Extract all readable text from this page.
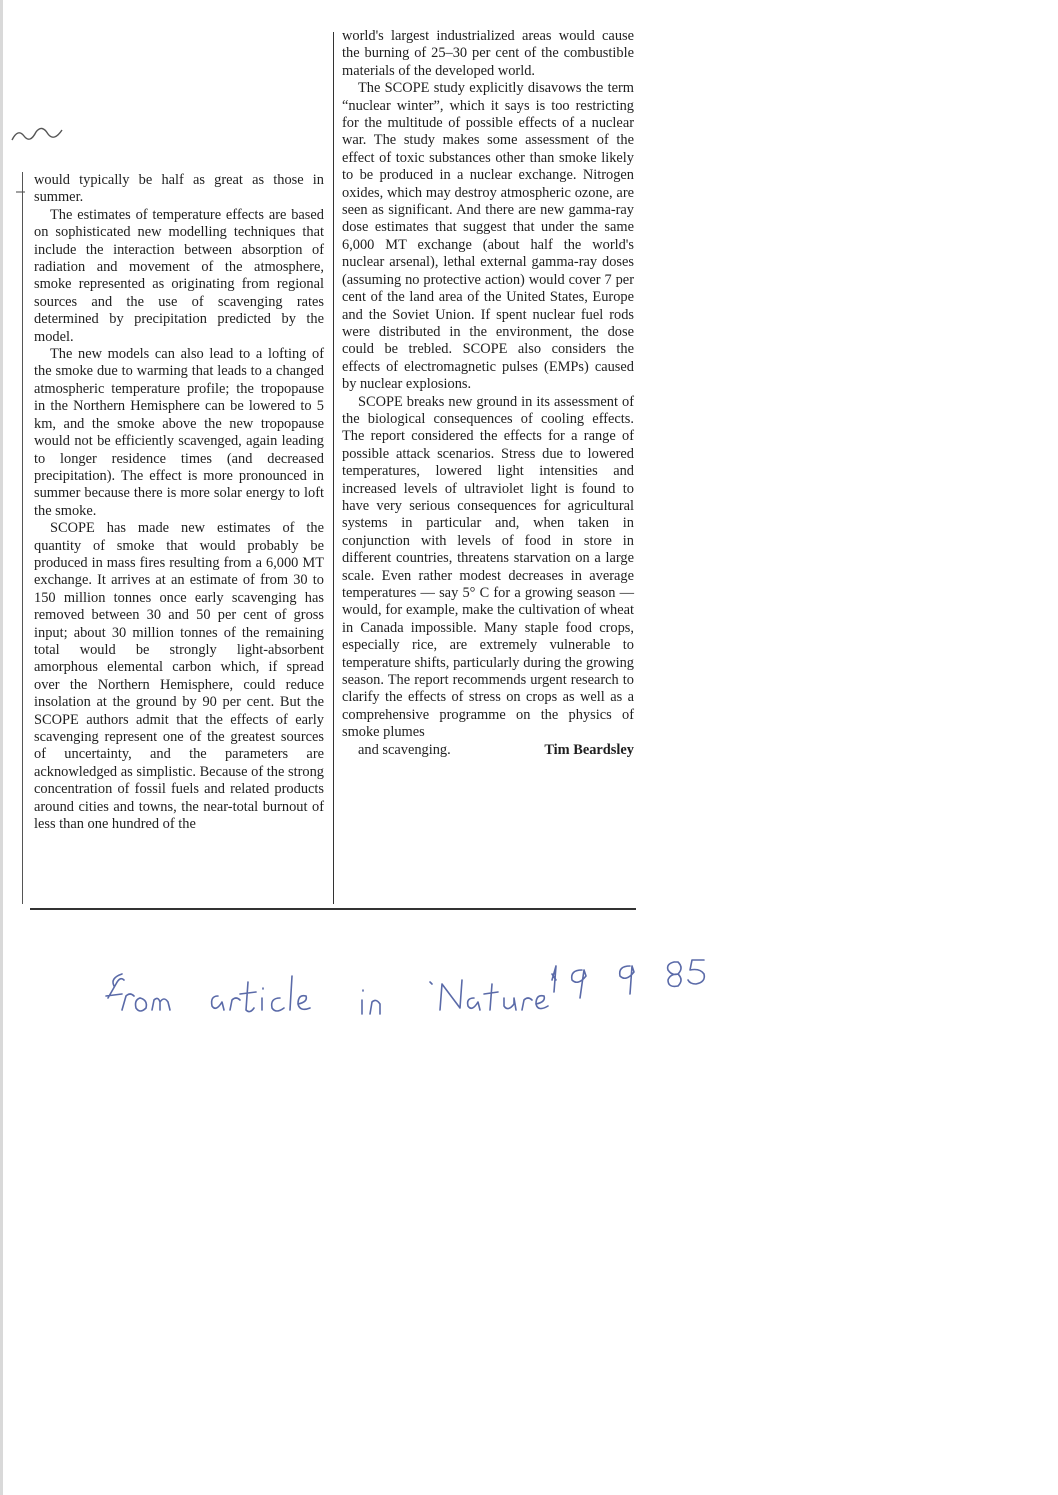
would typically be half as great as those in summer.

The estimates of temperature effects are based on sophisticated new modelling techniques that include the interaction between absorption of radiation and movement of the atmosphere, smoke represented as originating from regional sources and the use of scavenging rates determined by precipitation predicted by the model.

The new models can also lead to a lofting of the smoke due to warming that leads to a changed atmospheric temperature profile; the tropopause in the Northern Hemisphere can be lowered to 5 km, and the smoke above the new tropopause would not be efficiently scavenged, again leading to longer residence times (and decreased precipitation). The effect is more pronounced in summer because there is more solar energy to loft the smoke.

SCOPE has made new estimates of the quantity of smoke that would probably be produced in mass fires resulting from a 6,000 MT exchange. It arrives at an estimate of from 30 to 150 million tonnes once early scavenging has removed between 30 and 50 per cent of gross input; about 30 million tonnes of the remaining total would be strongly light-absorbent amorphous elemental carbon which, if spread over the Northern Hemisphere, could reduce insolation at the ground by 90 per cent. But the SCOPE authors admit that the effects of early scavenging represent one of the greatest sources of uncertainty, and the parameters are acknowledged as simplistic. Because of the strong concentration of fossil fuels and related products around cities and towns, the near-total burnout of less than one hundred of the

world's largest industrialized areas would cause the burning of 25–30 per cent of the combustible materials of the developed world.

The SCOPE study explicitly disavows the term “nuclear winter”, which it says is too restricting for the multitude of possible effects of a nuclear war. The study makes some assessment of the effect of toxic substances other than smoke likely to be produced in a nuclear exchange. Nitrogen oxides, which may destroy atmospheric ozone, are seen as significant. And there are new gamma-ray dose estimates that suggest that under the same 6,000 MT exchange (about half the world's nuclear arsenal), lethal external gamma-ray doses (assuming no protective action) would cover 7 per cent of the land area of the United States, Europe and the Soviet Union. If spent nuclear fuel rods were distributed in the environment, the dose could be trebled. SCOPE also considers the effects of electromagnetic pulses (EMPs) caused by nuclear explosions.

SCOPE breaks new ground in its assessment of the biological consequences of cooling effects. The report considered the effects for a range of possible attack scenarios. Stress due to lowered temperatures, lowered light intensities and increased levels of ultraviolet light is found to have very serious consequences for agricultural systems in particular and, when taken in conjunction with levels of food in store in different countries, threatens starvation on a large scale. Even rather modest decreases in average temperatures — say 5° C for a growing season — would, for example, make the cultivation of wheat in Canada impossible. Many staple food crops, especially rice, are extremely vulnerable to temperature shifts, particularly during the growing season. The report recommends urgent research to clarify the effects of stress on crops as well as a comprehensive programme on the physics of smoke plumes

and scavenging.	Tim Beardsley
